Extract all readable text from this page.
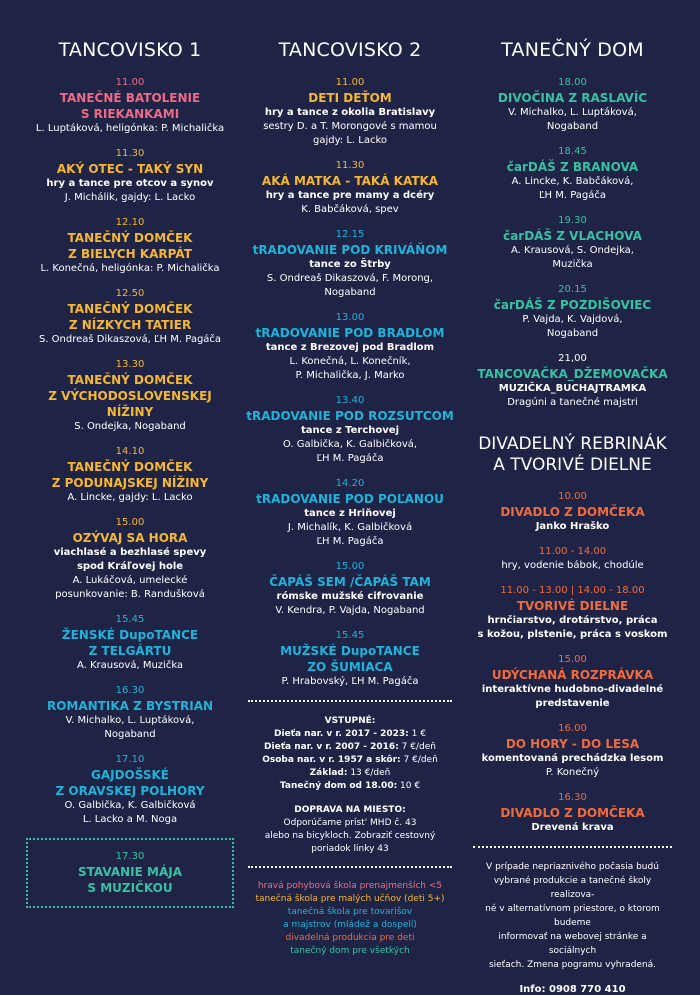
TANCOVISKO 1
11.00
TANEČNÉ BATOLENIE
S RIEKANKAMI
L. Luptáková, heligónka: P. Michalička
11.30
AKÝ OTEC - TAKÝ SYN
hry a tance pre otcov a synov
J. Michálik, gajdy: L. Lacko
12.10
TANEČNÝ DOMČEK
Z BIELYCH KARPÁT
L. Konečná, heligónka: P. Michalička
12.50
TANEČNÝ DOMČEK
Z NÍZKYCH TATIER
S. Ondreaš Dikaszová, ĽH M. Pagáča
13.30
TANEČNÝ DOMČEK
Z VÝCHODOSLOVENSKEJ
NÍŽINY
S. Ondejka, Nogaband
14.10
TANEČNÝ DOMČEK
Z PODUNAJSKEJ NÍŽINY
A. Lincke, gajdy: L. Lacko
15.00
OZÝVAJ SA HORA
viachlasé a bezhlasé spevy
spod Kráľovej hole
A. Lukáčová, umelecké
posunkovanie: B. Randušková
15.45
ŽENSKÉ DupoTANCE
Z TELGÁRTU
A. Krausová, Muzička
16.30
ROMANTIKA Z BYSTRIAN
V. Michalko, L. Luptáková,
Nogaband
17.10
GAJDOŠSKÉ
Z ORAVSKEJ POLHORY
O. Galbička, K. Galbičková
L. Lacko a M. Noga
17.30
STAVANIE MÁJA
S MUZIČKOU
TANCOVISKO 2
11.00
DETI DEŤOM
hry a tance z okolia Bratislavy
sestry D. a T. Morongové s mamou
gajdy: L. Lacko
11.30
AKÁ MATKA - TAKÁ KATKA
hry a tance pre mamy a dcéry
K. Babčáková, spev
12.15
tRADOVANIE POD KRIVÁŇOM
tance zo Štrby
S. Ondreaš Dikaszová, F. Morong,
Nogaband
13.00
tRADOVANIE POD BRADLOM
tance z Brezovej pod Bradlom
L. Konečná, L. Konečník,
P. Michalička, J. Marko
13.40
tRADOVANIE POD ROZSUTCOM
tance z Terchovej
O. Galbička, K. Galbičková,
ĽH M. Pagáča
14.20
tRADOVANIE POD POĽANOU
tance z Hriňovej
J. Michalík, K. Galbičková
ĽH M. Pagáča
15.00
ČAPÁŠ SEM /ČAPÁŠ TAM
rómske mužské cifrovanie
V. Kendra, P. Vajda, Nogaband
15.45
MUŽSKÉ DupoTANCE
ZO ŠUMIACA
P. Hrabovský, ĽH M. Pagáča
VSTUPNÉ:
Dieťa nar. v r. 2017 - 2023: 1 €
Dieťa nar. v r. 2007 - 2016: 7 €/deň
Osoba nar. v r. 1957 a skôr: 7 €/deň
Základ: 13 €/deň
Tanečný dom od 18.00: 10 €
DOPRAVA NA MIESTO:
Odporúčame príst' MHD č. 43
alebo na bicykloch. Zobraziť cestovný
poriadok linky 43
hravá pohybová škola prenajmenších <5
tanečná škola pre malých učňov (deti 5+)
tanečná škola pre tovarišov
a majstrov (mládež a dospelí)
divadelná produkcia pre deti
tanečný dom pre všetkých
TANEČNÝ DOM
18.00
DIVOČINA Z RASLAVÍC
V. Michalko, L. Luptáková,
Nogaband
18.45
čarDÁŠ Z BRANOVA
A. Lincke, K. Babčáková,
ĽH M. Pagáča
19.30
čarDÁŠ Z VLACHOVA
A. Krausová, S. Ondejka,
Muzička
20.15
čarDÁŠ Z POZDIŠOVIEC
P. Vajda, K. Vajdová,
Nogaband
21,00
TANCOVAČKA_DŽEMOVAČKA
MUZIČKA_BUCHAJTRAMKA
Dragúni a tanečné majstri
DIVADELNÝ REBRINÁK
A TVORIVÉ DIELNE
10.00
DIVADLO Z DOMČEKA
Janko Hraško
11.00 - 14.00
hry, vodenie bábok, chodúle
11.00 - 13.00 | 14.00 - 18.00
TVORIVÉ DIELNE
hrnčiarstvo, drotárstvo, práca
s kožou, plstenie, práca s voskom
15.00
UDÝCHANÁ ROZPRÁVKA
interaktívne hudobno-divadelné
predstavenie
16.00
DO HORY - DO LESA
komentovaná prechádzka lesom
P. Konečný
16.30
DIVADLO Z DOMČEKA
Drevená krava
V prípade nepriaznivého počasia budú
vybrané produkcie a tanečné školy realizova-
né v alternatívnom priestore, o ktorom budeme
informovať na webovej stránke a sociálnych
sieťach. Zmena pogramu vyhradená.
Info: 0908 770 410
